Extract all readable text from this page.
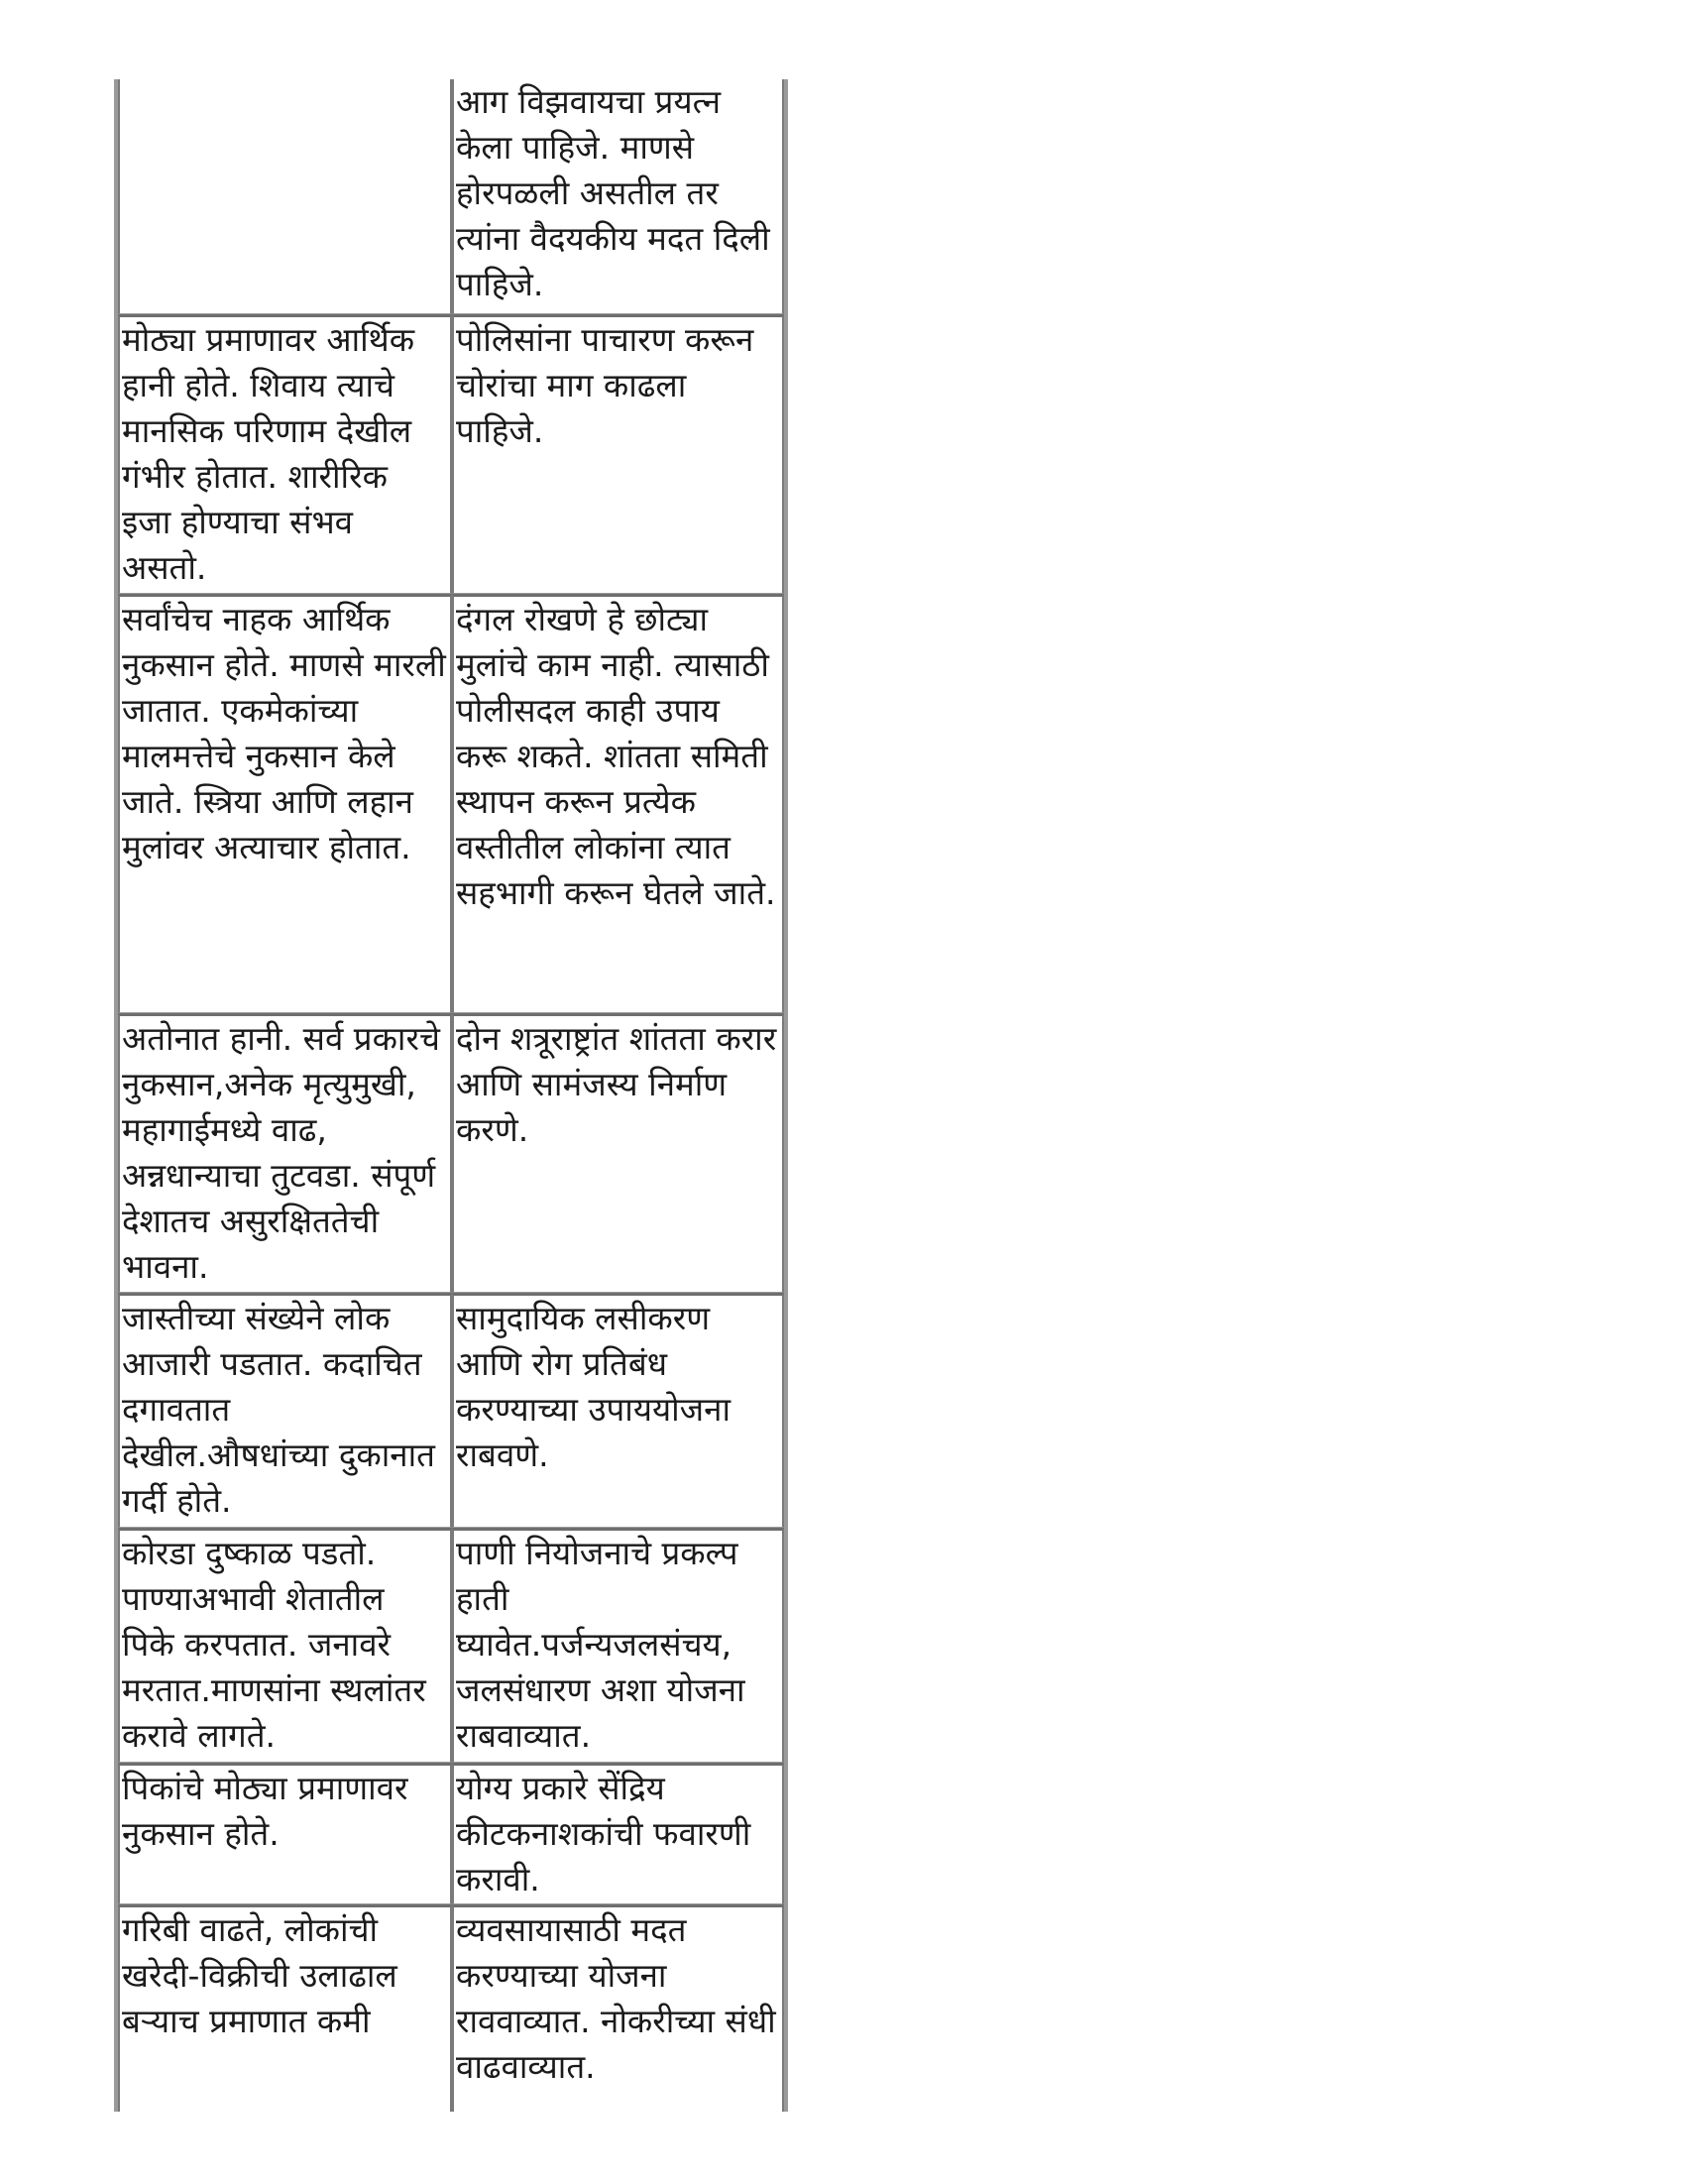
	आग विझवायचा प्रयत्न केला पाहिजे. माणसे होरपळली असतील तर त्यांना वैदयकीय मदत दिली पाहिजे.

मोठ्या प्रमाणावर आर्थिक हानी होते. शिवाय त्याचे मानसिक परिणाम देखील गंभीर होतात. शारीरिक इजा होण्याचा संभव असतो.	पोलिसांना पाचारण करून चोरांचा माग काढला पाहिजे.

सर्वांचेच नाहक आर्थिक नुकसान होते. माणसे मारली जातात. एकमेकांच्या मालमत्तेचे नुकसान केले जाते. स्त्रिया आणि लहान मुलांवर अत्याचार होतात.	दंगल रोखणे हे छोट्या मुलांचे काम नाही. त्यासाठी पोलीसदल काही उपाय करू शकते. शांतता समिती स्थापन करून प्रत्येक वस्तीतील लोकांना त्यात सहभागी करून घेतले जाते.

अतोनात हानी. सर्व प्रकारचे नुकसान,अनेक मृत्युमुखी, महागाईमध्ये वाढ, अन्नधान्याचा तुटवडा. संपूर्ण देशातच असुरक्षिततेची भावना.	दोन शत्रूराष्ट्रांत शांतता करार आणि सामंजस्य निर्माण करणे.

जास्तीच्या संख्येने लोक आजारी पडतात. कदाचित दगावतात देखील.औषधांच्या दुकानात गर्दी होते.	सामुदायिक लसीकरण आणि रोग प्रतिबंध करण्याच्या उपाययोजना राबवणे.

कोरडा दुष्काळ पडतो. पाण्याअभावी शेतातील पिके करपतात. जनावरे मरतात.माणसांना स्थलांतर करावे लागते.	पाणी नियोजनाचे प्रकल्प हाती घ्यावेत.पर्जन्यजलसंचय, जलसंधारण अशा योजना राबवाव्यात.

पिकांचे मोठ्या प्रमाणावर नुकसान होते.	योग्य प्रकारे सेंद्रिय कीटकनाशकांची फवारणी करावी.

गरिबी वाढते, लोकांची खरेदी-विक्रीची उलाढाल बऱ्याच प्रमाणात कमी	व्यवसायासाठी मदत करण्याच्या योजना राववाव्यात. नोकरीच्या संधी वाढवाव्यात.
